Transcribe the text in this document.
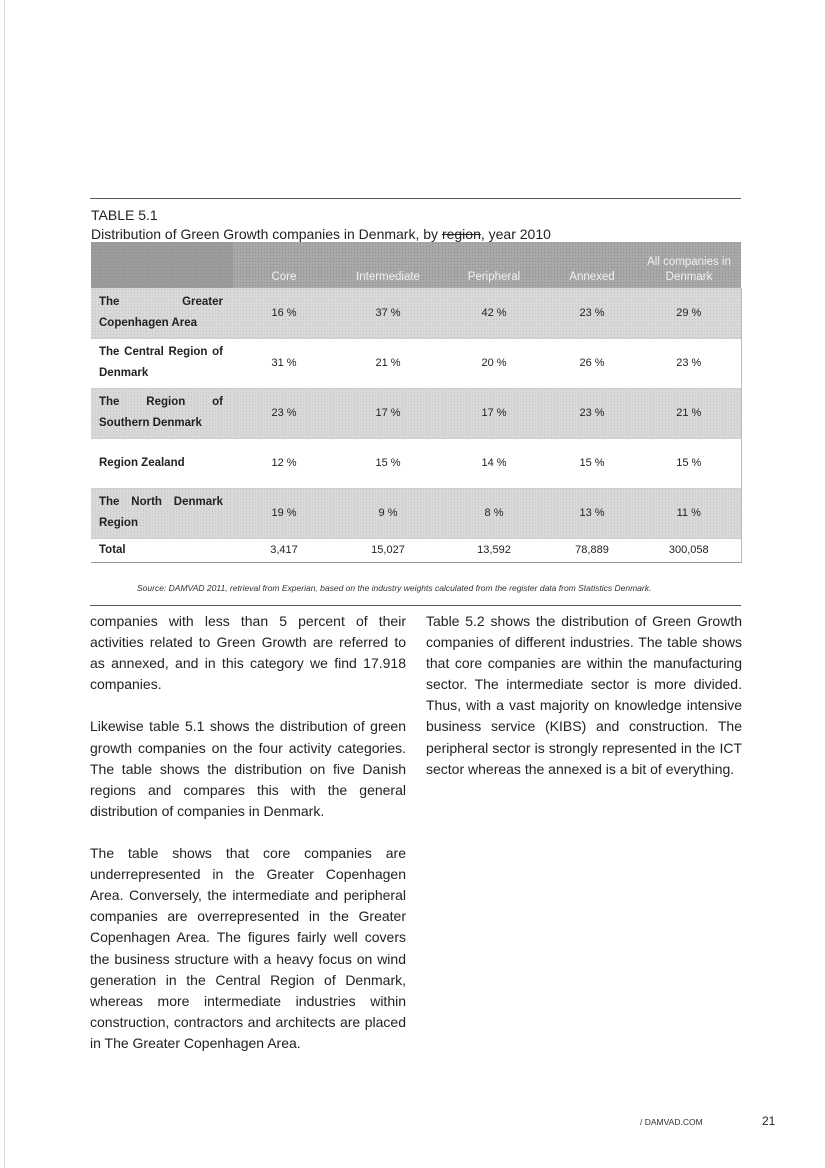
TABLE 5.1
Distribution of Green Growth companies in Denmark, by region, year 2010
	Core	Intermediate	Peripheral	Annexed	All companies in Denmark
The Greater Copenhagen Area	16 %	37 %	42 %	23 %	29 %
The Central Region of Denmark	31 %	21 %	20 %	26 %	23 %
The Region of Southern Denmark	23 %	17 %	17 %	23 %	21 %
Region Zealand	12 %	15 %	14 %	15 %	15 %
The North Denmark Region	19 %	9 %	8 %	13 %	11 %
Total	3,417	15,027	13,592	78,889	300,058
Source: DAMVAD 2011, retrieval from Experian, based on the industry weights calculated from the register data from Statistics Denmark.

companies with less than 5 percent of their activities related to Green Growth are referred to as annexed, and in this category we find 17.918 companies.

Likewise table 5.1 shows the distribution of green growth companies on the four activity categories. The table shows the distribution on five Danish regions and compares this with the general distribution of companies in Denmark.

The table shows that core companies are underrepresented in the Greater Copenhagen Area. Conversely, the intermediate and peripheral companies are overrepresented in the Greater Copenhagen Area. The figures fairly well covers the business structure with a heavy focus on wind generation in the Central Region of Denmark, whereas more intermediate industries within construction, contractors and architects are placed in The Greater Copenhagen Area.

Table 5.2 shows the distribution of Green Growth companies of different industries. The table shows that core companies are within the manufacturing sector. The intermediate sector is more divided. Thus, with a vast majority on knowledge intensive business service (KIBS) and construction. The peripheral sector is strongly represented in the ICT sector whereas the annexed is a bit of everything.

/ DAMVAD.COM	21
